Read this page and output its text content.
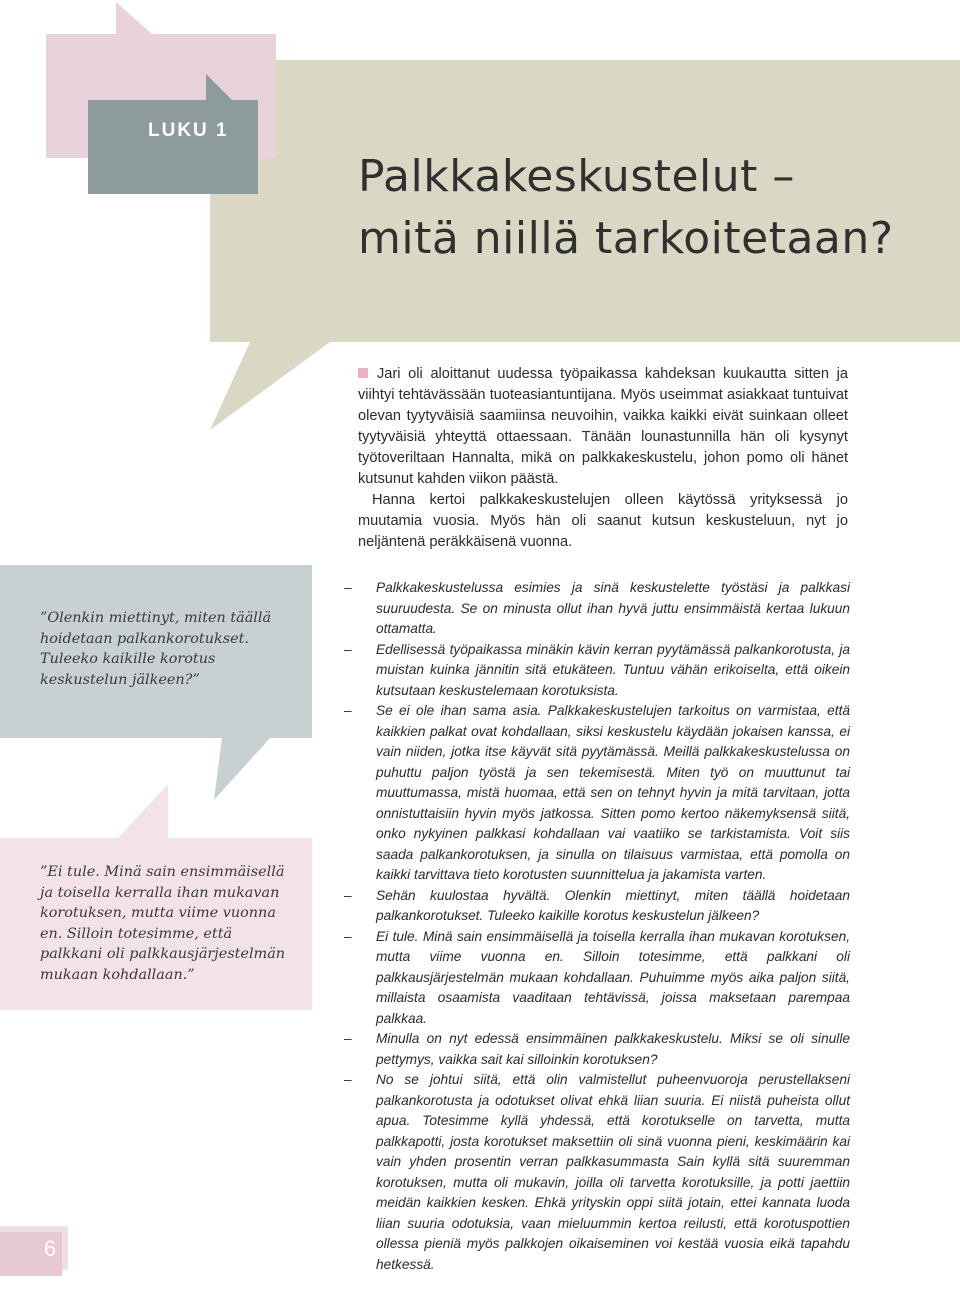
LUKU 1
Palkkakeskustelut –
mitä niillä tarkoitetaan?

Jari oli aloittanut uudessa työpaikassa kahdeksan kuukautta sitten ja viihtyi tehtävässään tuoteasiantuntijana. Myös useimmat asiakkaat tuntuivat olevan tyytyväisiä saamiinsa neuvoihin, vaikka kaikki eivät suinkaan olleet tyytyväisiä yhteyttä ottaessaan. Tänään lounastunnilla hän oli kysynyt työtoveriltaan Hannalta, mikä on palkkakeskustelu, johon pomo oli hänet kutsunut kahden viikon päästä.

Hanna kertoi palkkakeskustelujen olleen käytössä yrityksessä jo muutamia vuosia. Myös hän oli saanut kutsun keskusteluun, nyt jo neljäntenä peräkkäisenä vuonna.

”Olenkin miettinyt, miten täällä hoidetaan palkankorotukset. Tuleeko kaikille korotus keskustelun jälkeen?”
”Ei tule. Minä sain ensimmäisellä ja toisella kerralla ihan mukavan korotuksen, mutta viime vuonna en. Silloin totesimme, että palkkani oli palkkausjärjestelmän mukaan kohdallaan.”
– Palkkakeskustelussa esimies ja sinä keskustelette työstäsi ja palkkasi suuruudesta. Se on minusta ollut ihan hyvä juttu ensimmäistä kertaa lukuun ottamatta.
– Edellisessä työpaikassa minäkin kävin kerran pyytämässä palkankorotusta, ja muistan kuinka jännitin sitä etukäteen. Tuntuu vähän erikoiselta, että oikein kutsutaan keskustelemaan korotuksista.
– Se ei ole ihan sama asia. Palkkakeskustelujen tarkoitus on varmistaa, että kaikkien palkat ovat kohdallaan, siksi keskustelu käydään jokaisen kanssa, ei vain niiden, jotka itse käyvät sitä pyytämässä. Meillä palkkakeskustelussa on puhuttu paljon työstä ja sen tekemisestä. Miten työ on muuttunut tai muuttumassa, mistä huomaa, että sen on tehnyt hyvin ja mitä tarvitaan, jotta onnistuttaisiin hyvin myös jatkossa. Sitten pomo kertoo näkemyksensä siitä, onko nykyinen palkkasi kohdallaan vai vaatiiko se tarkistamista. Voit siis saada palkankorotuksen, ja sinulla on tilaisuus varmistaa, että pomolla on kaikki tarvittava tieto korotusten suunnittelua ja jakamista varten.
– Sehän kuulostaa hyvältä. Olenkin miettinyt, miten täällä hoidetaan palkankorotukset. Tuleeko kaikille korotus keskustelun jälkeen?
– Ei tule. Minä sain ensimmäisellä ja toisella kerralla ihan mukavan korotuksen, mutta viime vuonna en. Silloin totesimme, että palkkani oli palkkausjärjestelmän mukaan kohdallaan. Puhuimme myös aika paljon siitä, millaista osaamista vaaditaan tehtävissä, joissa maksetaan parempaa palkkaa.
– Minulla on nyt edessä ensimmäinen palkkakeskustelu. Miksi se oli sinulle pettymys, vaikka sait kai silloinkin korotuksen?
– No se johtui siitä, että olin valmistellut puheenvuoroja perustellakseni palkankorotusta ja odotukset olivat ehkä liian suuria. Ei niistä puheista ollut apua. Totesimme kyllä yhdessä, että korotukselle on tarvetta, mutta palkkapotti, josta korotukset maksettiin oli sinä vuonna pieni, keskimäärin kai vain yhden prosentin verran palkkasummasta Sain kyllä sitä suuremman korotuksen, mutta oli mukavin, joilla oli tarvetta korotuksille, ja potti jaettiin meidän kaikkien kesken. Ehkä yrityskin oppi siitä jotain, ettei kannata luoda liian suuria odotuksia, vaan mieluummin kertoa reilusti, että korotuspottien ollessa pieniä myös palkkojen oikaiseminen voi kestää vuosia eikä tapahdu hetkessä.
6
